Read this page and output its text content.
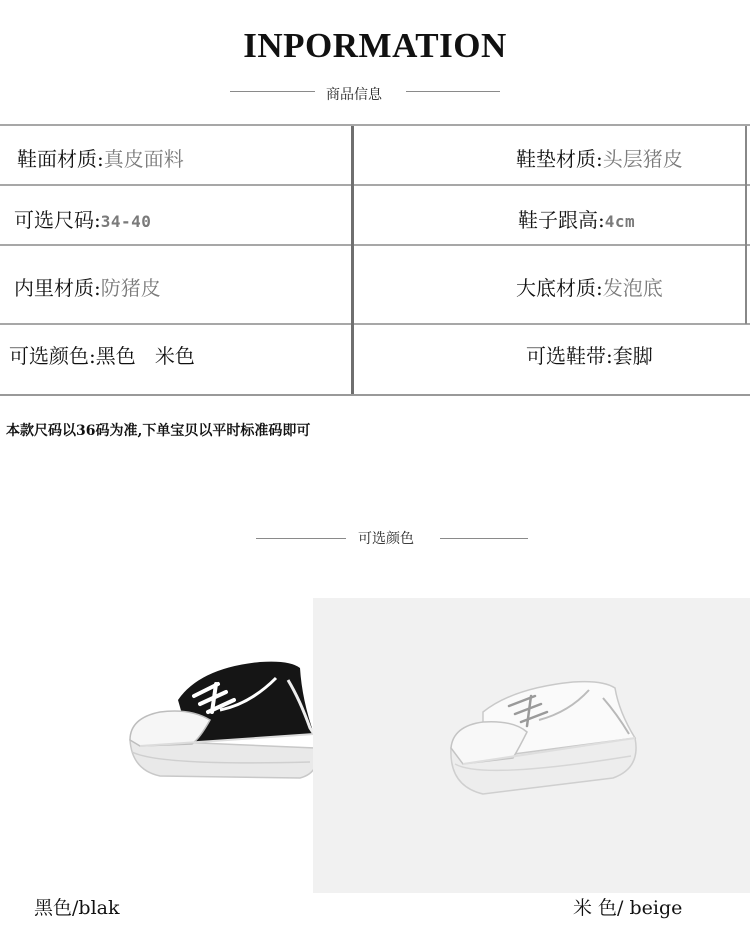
INPORMATION
商品信息
鞋面材质:真皮面料	鞋垫材质:头层猪皮
可选尺码:34-40	鞋子跟高:4cm
内里材质:防猪皮	大底材质:发泡底
可选颜色:黑色   米色	可选鞋带:套脚
本款尺码以36码为准,下单宝贝以平时标准码即可
可选颜色
黑色/blak	米 色/ beige
